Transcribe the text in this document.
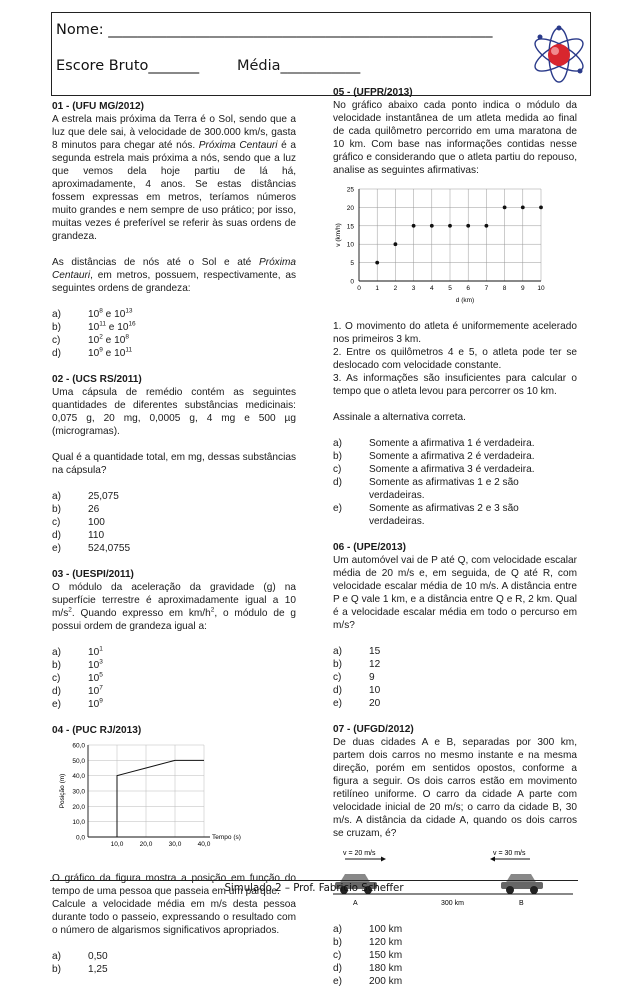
Nome: _____________________________________________________
Escore Bruto_______	Média___________
01 - (UFU MG/2012)
A estrela mais próxima da Terra é o Sol, sendo que a luz que dele sai, à velocidade de 300.000 km/s, gasta 8 minutos para chegar até nós. Próxima Centauri é a segunda estrela mais próxima a nós, sendo que a luz que vemos dela hoje partiu de lá há, aproximadamente, 4 anos. Se estas distâncias fossem expressas em metros, teríamos números muito grandes e nem sempre de uso prático; por isso, muitas vezes é preferível se referir às suas ordens de grandeza.
As distâncias de nós até o Sol e até Próxima Centauri, em metros, possuem, respectivamente, as seguintes ordens de grandeza:
a)	$10^8$ e $10^{13}$
b)	$10^{11}$ e $10^{16}$
c)	$10^2$ e $10^8$
d)	$10^9$ e $10^{11}$
02 - (UCS RS/2011)
Uma cápsula de remédio contém as seguintes quantidades de diferentes substâncias medicinais: 0,075 g, 20 mg, 0,0005 g, 4 mg e 500 µg (microgramas).
Qual é a quantidade total, em mg, dessas substâncias na cápsula?
a)	25,075
b)	26
c)	100
d)	110
e)	524,0755
03 - (UESPI/2011)
O módulo da aceleração da gravidade (g) na superfície terrestre é aproximadamente igual a 10 $m/s^2$. Quando expresso em $km/h^2$, o módulo de g possui ordem de grandeza igual a:
a)	$10^1$
b)	$10^3$
c)	$10^5$
d)	$10^7$
e)	$10^9$
04 - (PUC RJ/2013)
0,0
10,0
20,0
30,0
40,0
50,0
60,0
10,0	20,0	30,0	40,0
Tempo (s)
Posição (m)
O gráfico da figura mostra a posição em função do tempo de uma pessoa que passeia em um parque.
Calcule a velocidade média em m/s desta pessoa durante todo o passeio, expressando o resultado com o número de algarismos significativos apropriados.
a)	0,50
b)	1,25
05 - (UFPR/2013)
No gráfico abaixo cada ponto indica o módulo da velocidade instantânea de um atleta medida ao final de cada quilômetro percorrido em uma maratona de 10 km. Com base nas informações contidas nesse gráfico e considerando que o atleta partiu do repouso, analise as seguintes afirmativas:
0
5
10
15
20
25
0 1 2 3 4 5 6 7 8 9 10
d (km)
v (km/h)
1. O movimento do atleta é uniformemente acelerado nos primeiros 3 km.
2. Entre os quilômetros 4 e 5, o atleta pode ter se deslocado com velocidade constante.
3. As informações são insuficientes para calcular o tempo que o atleta levou para percorrer os 10 km.
Assinale a alternativa correta.
a)	Somente a afirmativa 1 é verdadeira.
b)	Somente a afirmativa 2 é verdadeira.
c)	Somente a afirmativa 3 é verdadeira.
d)	Somente as afirmativas 1 e 2 são verdadeiras.
e)	Somente as afirmativas 2 e 3 são verdadeiras.
06 - (UPE/2013)
Um automóvel vai de P até Q, com velocidade escalar média de 20 m/s e, em seguida, de Q até R, com velocidade escalar média de 10 m/s. A distância entre P e Q vale 1 km, e a distância entre Q e R, 2 km. Qual é a velocidade escalar média em todo o percurso em m/s?
a)	15
b)	12
c)	9
d)	10
e)	20
07 - (UFGD/2012)
De duas cidades A e B, separadas por 300 km, partem dois carros no mesmo instante e na mesma direção, porém em sentidos opostos, conforme a figura a seguir. Os dois carros estão em movimento retilíneo uniforme. O carro da cidade A parte com velocidade inicial de 20 m/s; o carro da cidade B, 30 m/s. A distância da cidade A, quando os dois carros se cruzam, é?
v = 20 m/s	v = 30 m/s
A	300 km	B
a)	100 km
b)	120 km
c)	150 km
d)	180 km
e)	200 km
Simulado 2 – Prof. Fabricio Scheffer
